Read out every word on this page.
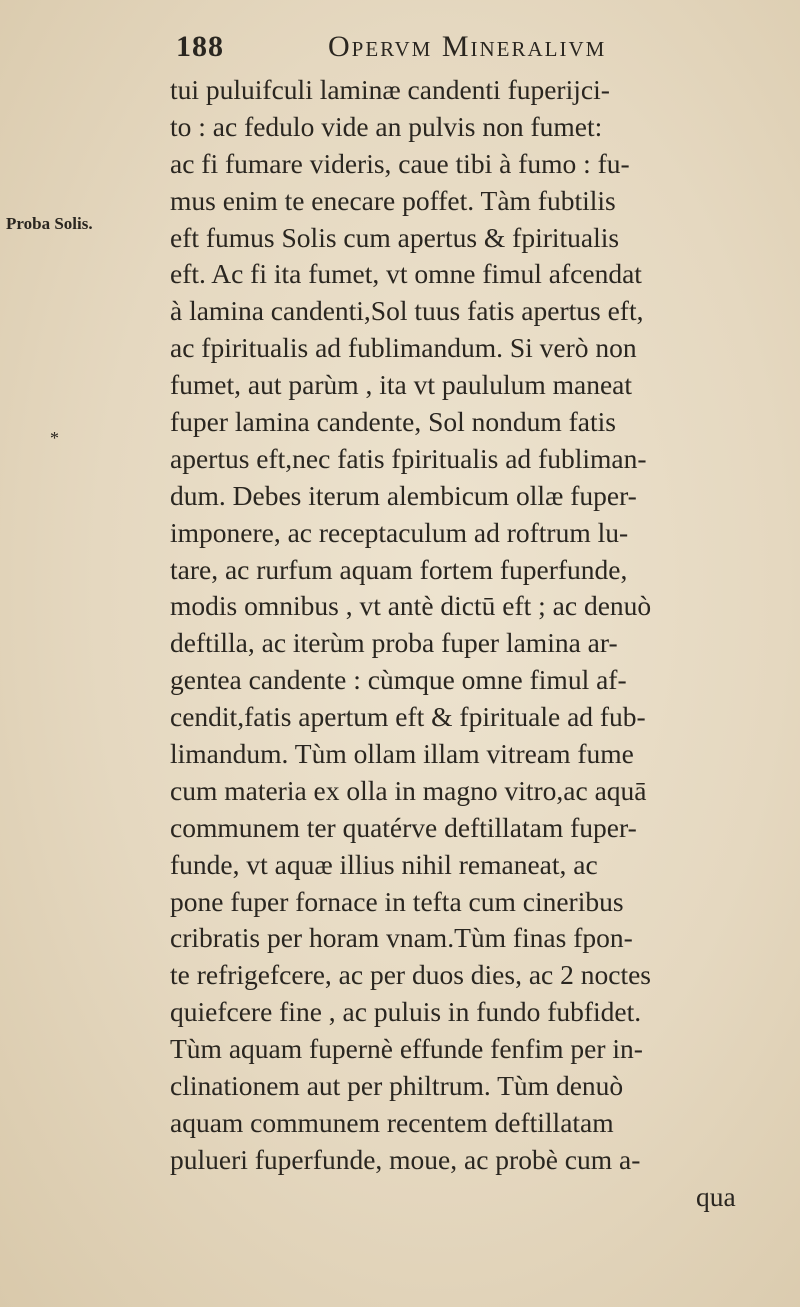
188	Opervm Mineralivm
Proba Solis.
*
tui puluifculi laminæ candenti fuperijci-
to : ac fedulo vide an pulvis non fumet:
ac fi fumare videris, caue tibi à fumo : fu-
mus enim te enecare poffet. Tàm fubtilis
eft fumus Solis cum apertus & fpiritualis
eft. Ac fi ita fumet, vt omne fimul afcendat
à lamina candenti,Sol tuus fatis apertus eft,
ac fpiritualis ad fublimandum. Si verò non
fumet, aut parùm , ita vt paululum maneat
fuper lamina candente, Sol nondum fatis
apertus eft,nec fatis fpiritualis ad fubliman-
dum. Debes iterum alembicum ollæ fuper-
imponere, ac receptaculum ad roftrum lu-
tare, ac rurfum aquam fortem fuperfunde,
modis omnibus , vt antè dictū eft ; ac denuò
deftilla, ac iterùm proba fuper lamina ar-
gentea candente : cùmque omne fimul af-
cendit,fatis apertum eft & fpirituale ad fub-
limandum. Tùm ollam illam vitream fume
cum materia ex olla in magno vitro,ac aquā
communem ter quatérve deftillatam fuper-
funde, vt aquæ illius nihil remaneat, ac
pone fuper fornace in tefta cum cineribus
cribratis per horam vnam.Tùm finas fpon-
te refrigefcere, ac per duos dies, ac 2 noctes
quiefcere fine , ac puluis in fundo fubfidet.
Tùm aquam fupernè effunde fenfim per in-
clinationem aut per philtrum. Tùm denuò
aquam communem recentem deftillatam
pulueri fuperfunde, moue, ac probè cum a-
qua
